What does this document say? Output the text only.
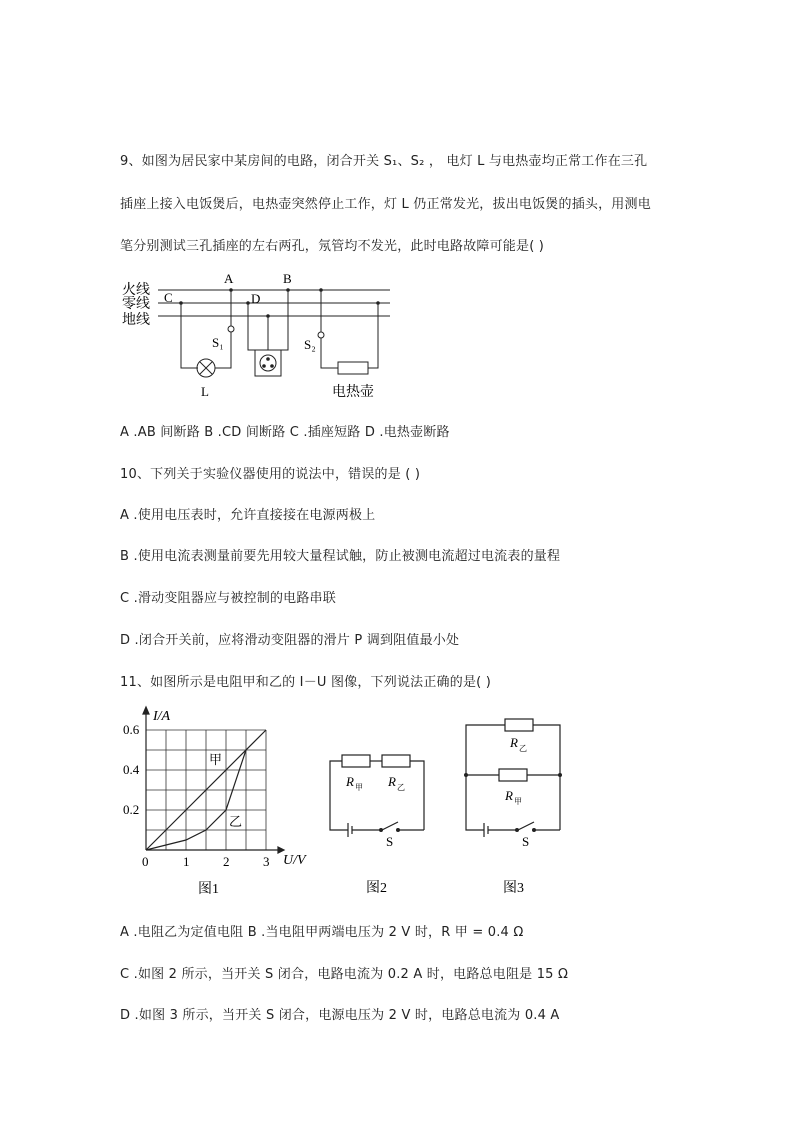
9、如图为居民家中某房间的电路，闭合开关 S₁、S₂ ， 电灯 L 与电热壶均正常工作在三孔
插座上接入电饭煲后，电热壶突然停止工作，灯 L 仍正常发光，拔出电饭煲的插头，用测电
笔分别测试三孔插座的左右两孔，氖管均不发光，此时电路故障可能是( )
火线
零线
地线
C
A
D
B
S₁	S₂
L	电热壶
A .AB 间断路 B .CD 间断路 C .插座短路 D .电热壶断路
10、下列关于实验仪器使用的说法中，错误的是 ( )
A .使用电压表时，允许直接接在电源两极上
B .使用电流表测量前要先用较大量程试触，防止被测电流超过电流表的量程
C .滑动变阻器应与被控制的电路串联
D .闭合开关前，应将滑动变阻器的滑片 P 调到阻值最小处
11、如图所示是电阻甲和乙的 I－U 图像，下列说法正确的是( )
I/A
U/V
0.6
0.4
0.2
0	1	2	3
甲
乙
图1
R 甲 R 乙
S
图2
R 乙
R 甲
S
图3
A .电阻乙为定值电阻 B .当电阻甲两端电压为 2 V 时，R 甲 = 0.4 Ω
C .如图 2 所示，当开关 S 闭合，电路电流为 0.2 A 时，电路总电阻是 15 Ω
D .如图 3 所示，当开关 S 闭合，电源电压为 2 V 时，电路总电流为 0.4 A
